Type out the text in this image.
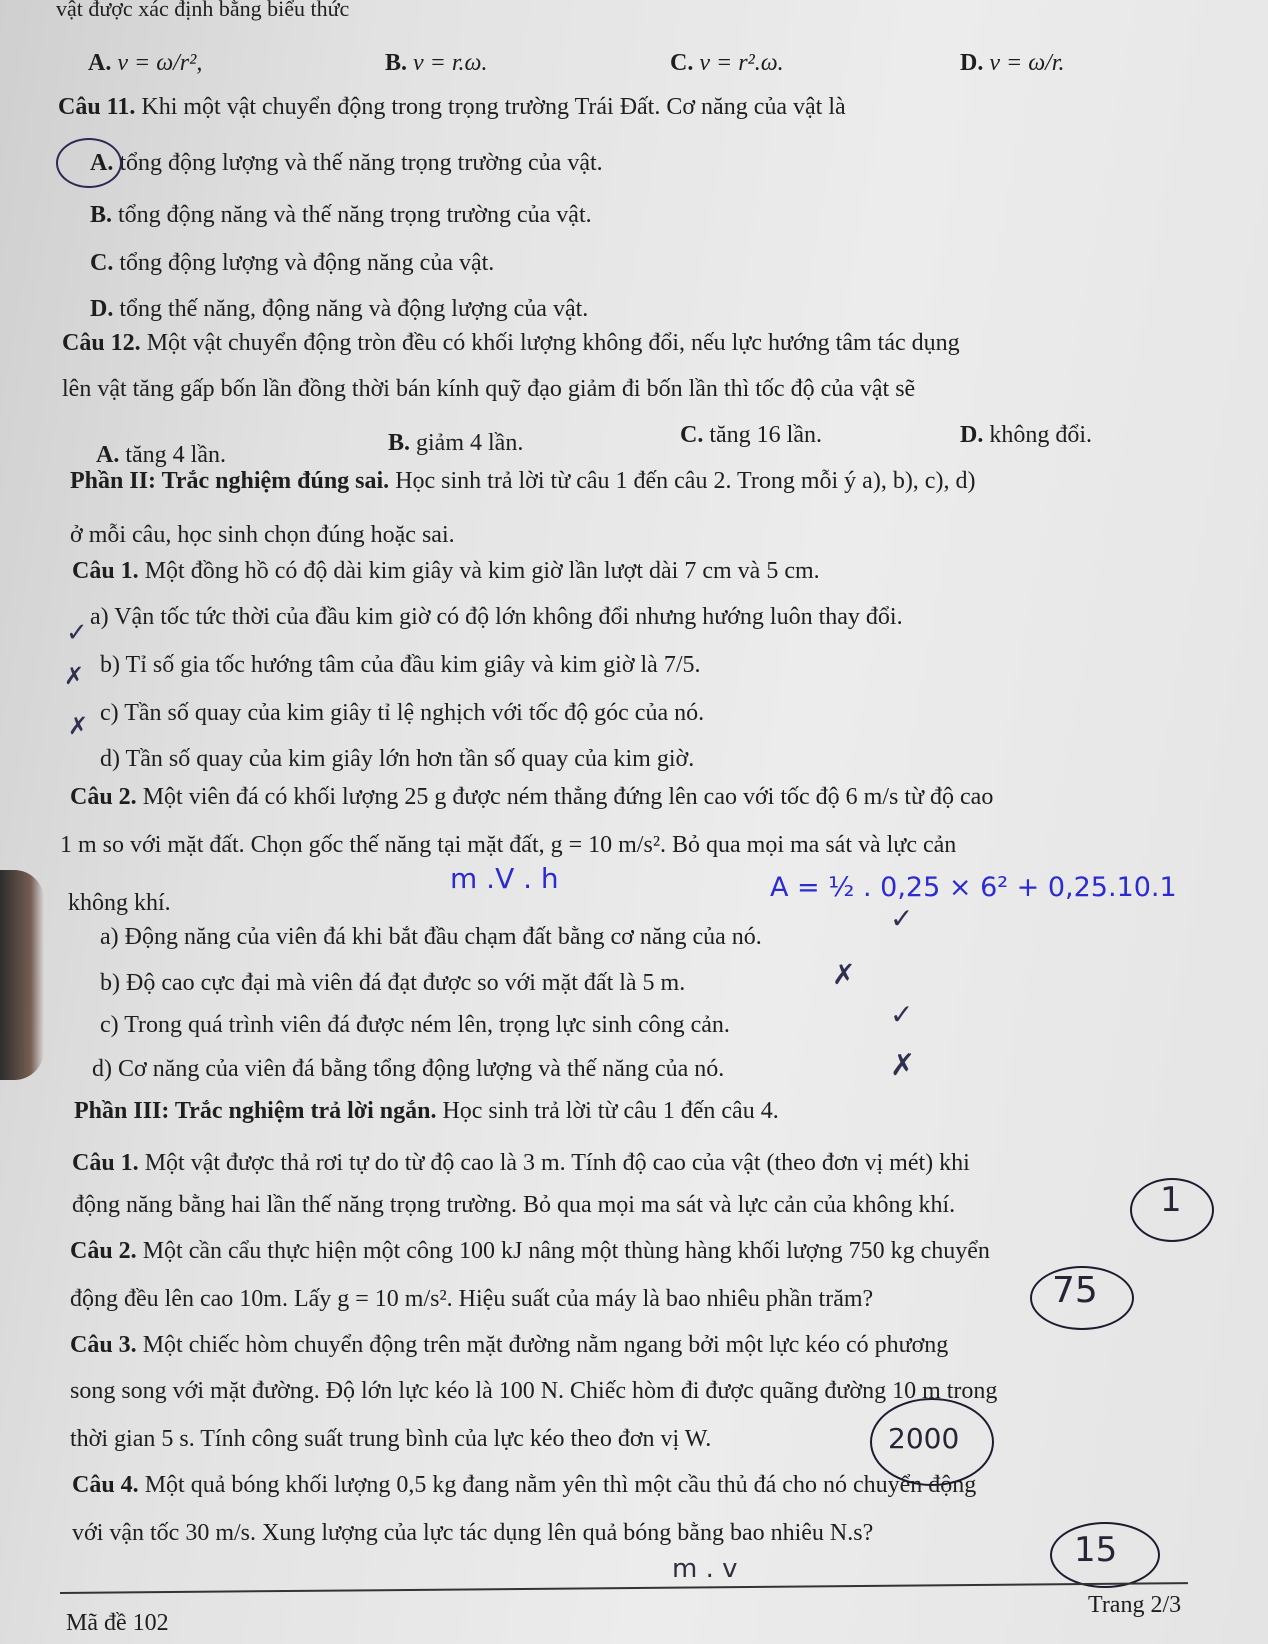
vật được xác định bằng biểu thức
A. v = ω/r²,	B. v = r.ω.	C. v = r².ω.	D. v = ω/r.
Câu 11. Khi một vật chuyển động trong trọng trường Trái Đất. Cơ năng của vật là
A. tổng động lượng và thế năng trọng trường của vật.
B. tổng động năng và thế năng trọng trường của vật.
C. tổng động lượng và động năng của vật.
D. tổng thế năng, động năng và động lượng của vật.
Câu 12. Một vật chuyển động tròn đều có khối lượng không đổi, nếu lực hướng tâm tác dụng
lên vật tăng gấp bốn lần đồng thời bán kính quỹ đạo giảm đi bốn lần thì tốc độ của vật sẽ
A. tăng 4 lần.	B. giảm 4 lần.	C. tăng 16 lần.	D. không đổi.
Phần II: Trắc nghiệm đúng sai. Học sinh trả lời từ câu 1 đến câu 2. Trong mỗi ý a), b), c), d)
ở mỗi câu, học sinh chọn đúng hoặc sai.
Câu 1. Một đồng hồ có độ dài kim giây và kim giờ lần lượt dài 7 cm và 5 cm.
a) Vận tốc tức thời của đầu kim giờ có độ lớn không đổi nhưng hướng luôn thay đổi.
b) Tỉ số gia tốc hướng tâm của đầu kim giây và kim giờ là 7/5.
c) Tần số quay của kim giây tỉ lệ nghịch với tốc độ góc của nó.
d) Tần số quay của kim giây lớn hơn tần số quay của kim giờ.
Câu 2. Một viên đá có khối lượng 25 g được ném thẳng đứng lên cao với tốc độ 6 m/s từ độ cao
1 m so với mặt đất. Chọn gốc thế năng tại mặt đất, g = 10 m/s². Bỏ qua mọi ma sát và lực cản
không khí.
a) Động năng của viên đá khi bắt đầu chạm đất bằng cơ năng của nó.
b) Độ cao cực đại mà viên đá đạt được so với mặt đất là 5 m.
c) Trong quá trình viên đá được ném lên, trọng lực sinh công cản.
d) Cơ năng của viên đá bằng tổng động lượng và thế năng của nó.
Phần III: Trắc nghiệm trả lời ngắn. Học sinh trả lời từ câu 1 đến câu 4.
Câu 1. Một vật được thả rơi tự do từ độ cao là 3 m. Tính độ cao của vật (theo đơn vị mét) khi
động năng bằng hai lần thế năng trọng trường. Bỏ qua mọi ma sát và lực cản của không khí.
Câu 2. Một cần cẩu thực hiện một công 100 kJ nâng một thùng hàng khối lượng 750 kg chuyển
động đều lên cao 10m. Lấy g = 10 m/s². Hiệu suất của máy là bao nhiêu phần trăm?
Câu 3. Một chiếc hòm chuyển động trên mặt đường nằm ngang bởi một lực kéo có phương
song song với mặt đường. Độ lớn lực kéo là 100 N. Chiếc hòm đi được quãng đường 10 m trong
thời gian 5 s. Tính công suất trung bình của lực kéo theo đơn vị W.
Câu 4. Một quả bóng khối lượng 0,5 kg đang nằm yên thì một cầu thủ đá cho nó chuyển động
với vận tốc 30 m/s. Xung lượng của lực tác dụng lên quả bóng bằng bao nhiêu N.s?
m .V . h	A = ½ . 0,25 × 6² + 0,25.10.1
✓
✗
✗
✓
✗
✓
✗
1
75
2000
15
m . v
Mã đề 102
Trang 2/3
